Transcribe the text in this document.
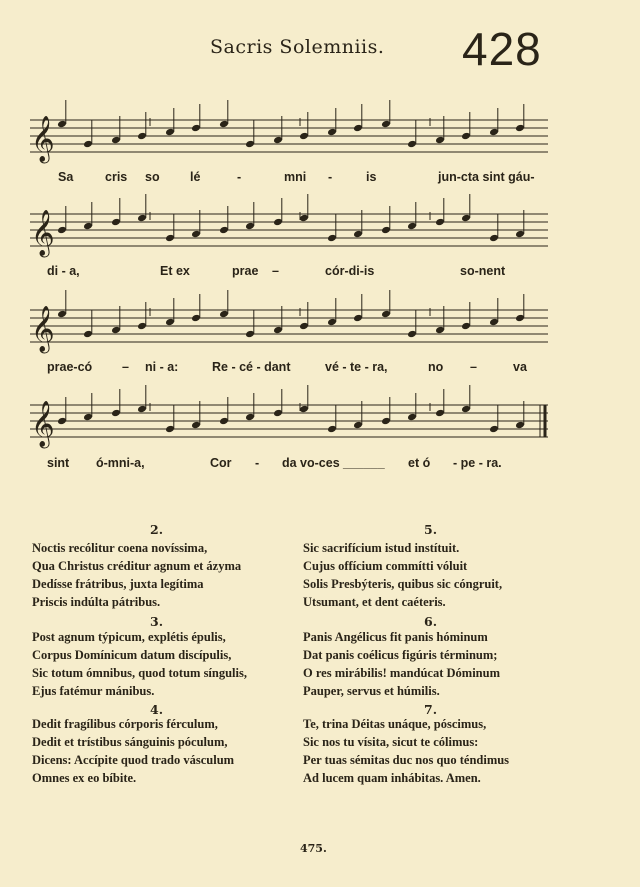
Sacris Solemniis. 428
𝄞
𝄞
𝄞
𝄞
Sa	cris so lé	-	mni -	is	jun-cta sint gáu-
di - a,	Et ex	prae –	cór-di-is	so-nent
prae-có – ni - a:	Re - cé - dant	vé - te - ra,	no –	va
sint ó-mni-a,	Cor - da vo-ces ______ et ó - pe - ra.
2.
Noctis recólitur coena novíssima,
Qua Christus créditur agnum et ázyma
Dedísse frátribus, juxta legítima
Priscis indúlta pátribus.
3.
Post agnum týpicum, explétis épulis,
Corpus Domínicum datum discípulis,
Sic totum ómnibus, quod totum síngulis,
Ejus fatémur mánibus.
4.
Dedit fragílibus córporis férculum,
Dedit et trístibus sánguinis póculum,
Dicens: Accípite quod trado vásculum
Omnes ex eo bíbite.
5.
Sic sacrifícium istud instítuit.
Cujus offícium commítti vóluit
Solis Presbýteris, quibus sic cóngruit,
Utsumant, et dent caéteris.
6.
Panis Angélicus fit panis hóminum
Dat panis coélicus figúris términum;
O res mirábilis! mandúcat Dóminum
Pauper, servus et húmilis.
7.
Te, trina Déitas unáque, póscimus,
Sic nos tu vísita, sicut te cólimus:
Per tuas sémitas duc nos quo téndimus
Ad lucem quam inhábitas. Amen.
475.
